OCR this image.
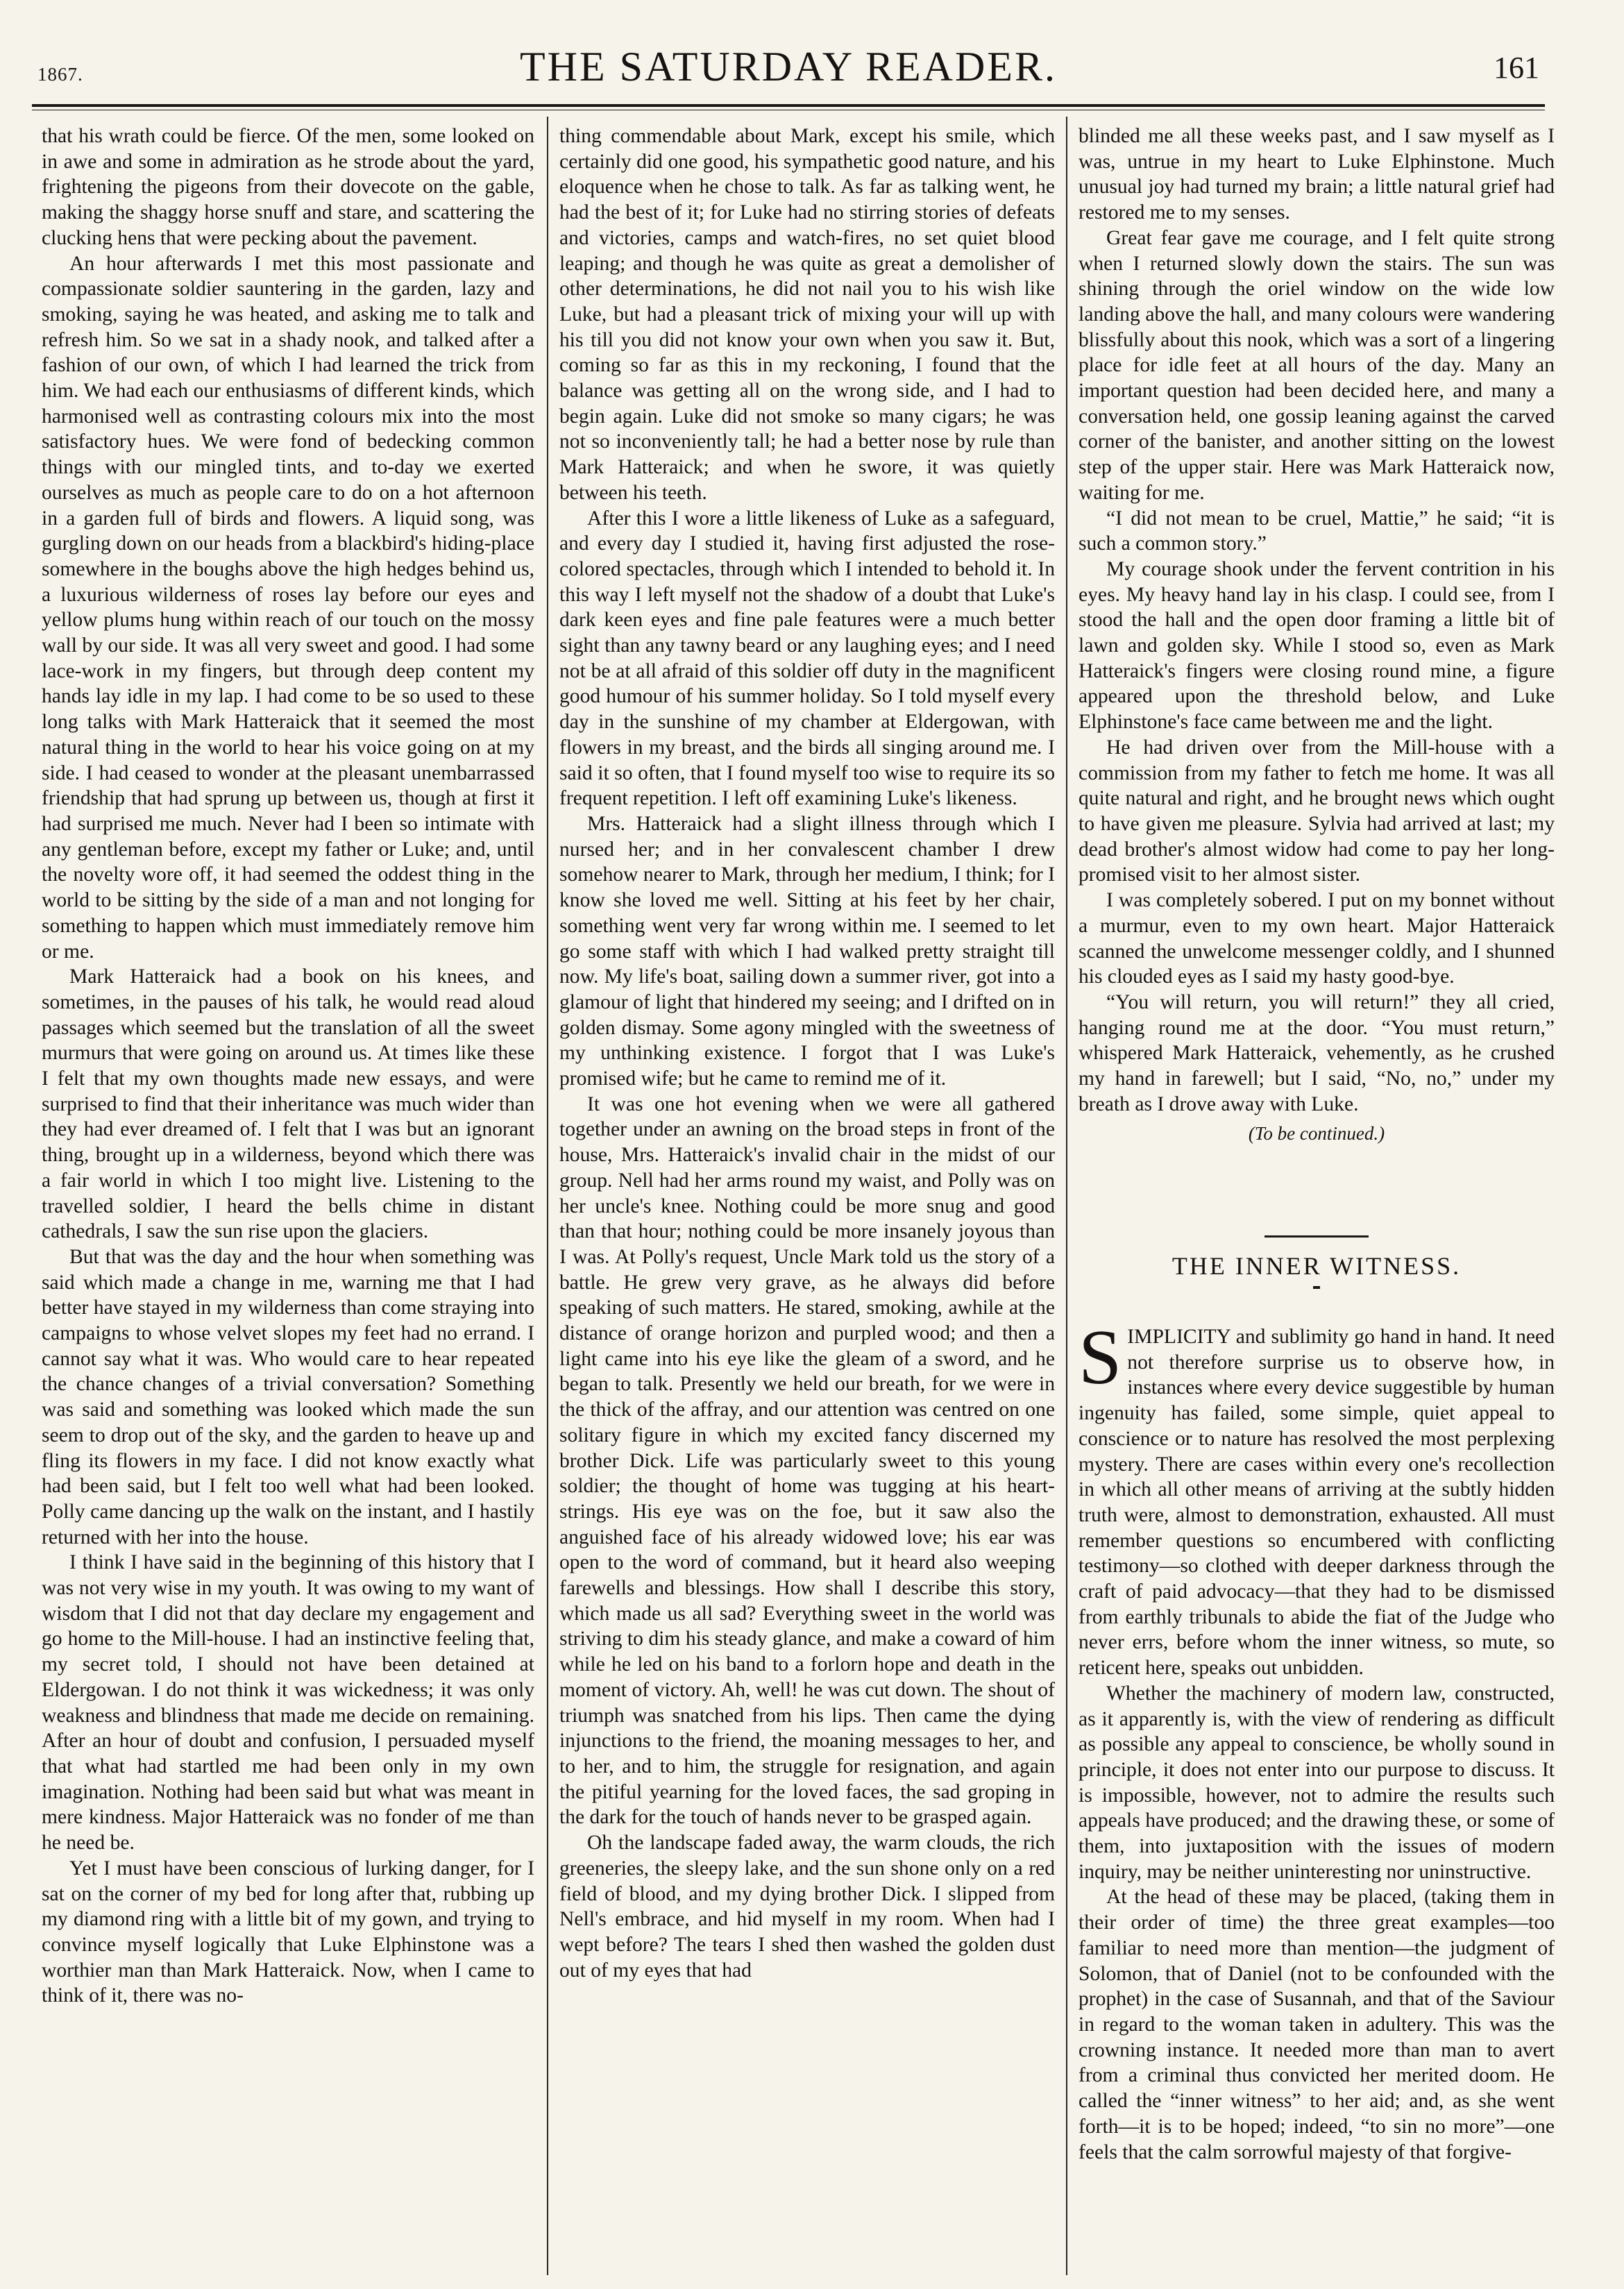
1867.	THE SATURDAY READER.	161

that his wrath could be fierce. Of the men, some looked on in awe and some in admiration as he strode about the yard, frightening the pigeons from their dovecote on the gable, making the shaggy horse snuff and stare, and scattering the clucking hens that were pecking about the pavement.

An hour afterwards I met this most passionate and compassionate soldier sauntering in the garden, lazy and smoking, saying he was heated, and asking me to talk and refresh him. So we sat in a shady nook, and talked after a fashion of our own, of which I had learned the trick from him. We had each our enthusiasms of different kinds, which harmonised well as contrasting colours mix into the most satisfactory hues. We were fond of bedecking common things with our mingled tints, and to-day we exerted ourselves as much as people care to do on a hot afternoon in a garden full of birds and flowers. A liquid song, was gurgling down on our heads from a blackbird's hiding-place somewhere in the boughs above the high hedges behind us, a luxurious wilderness of roses lay before our eyes and yellow plums hung within reach of our touch on the mossy wall by our side. It was all very sweet and good. I had some lace-work in my fingers, but through deep content my hands lay idle in my lap. I had come to be so used to these long talks with Mark Hatteraick that it seemed the most natural thing in the world to hear his voice going on at my side. I had ceased to wonder at the pleasant unembarrassed friendship that had sprung up between us, though at first it had surprised me much. Never had I been so intimate with any gentleman before, except my father or Luke; and, until the novelty wore off, it had seemed the oddest thing in the world to be sitting by the side of a man and not longing for something to happen which must immediately remove him or me.

Mark Hatteraick had a book on his knees, and sometimes, in the pauses of his talk, he would read aloud passages which seemed but the translation of all the sweet murmurs that were going on around us. At times like these I felt that my own thoughts made new essays, and were surprised to find that their inheritance was much wider than they had ever dreamed of. I felt that I was but an ignorant thing, brought up in a wilderness, beyond which there was a fair world in which I too might live. Listening to the travelled soldier, I heard the bells chime in distant cathedrals, I saw the sun rise upon the glaciers.

But that was the day and the hour when something was said which made a change in me, warning me that I had better have stayed in my wilderness than come straying into campaigns to whose velvet slopes my feet had no errand. I cannot say what it was. Who would care to hear repeated the chance changes of a trivial conversation? Something was said and something was looked which made the sun seem to drop out of the sky, and the garden to heave up and fling its flowers in my face. I did not know exactly what had been said, but I felt too well what had been looked. Polly came dancing up the walk on the instant, and I hastily returned with her into the house.

I think I have said in the beginning of this history that I was not very wise in my youth. It was owing to my want of wisdom that I did not that day declare my engagement and go home to the Mill-house. I had an instinctive feeling that, my secret told, I should not have been detained at Eldergowan. I do not think it was wickedness; it was only weakness and blindness that made me decide on remaining. After an hour of doubt and confusion, I persuaded myself that what had startled me had been only in my own imagination. Nothing had been said but what was meant in mere kindness. Major Hatteraick was no fonder of me than he need be.

Yet I must have been conscious of lurking danger, for I sat on the corner of my bed for long after that, rubbing up my diamond ring with a little bit of my gown, and trying to convince myself logically that Luke Elphinstone was a worthier man than Mark Hatteraick. Now, when I came to think of it, there was no-

thing commendable about Mark, except his smile, which certainly did one good, his sympathetic good nature, and his eloquence when he chose to talk. As far as talking went, he had the best of it; for Luke had no stirring stories of defeats and victories, camps and watch-fires, no set quiet blood leaping; and though he was quite as great a demolisher of other determinations, he did not nail you to his wish like Luke, but had a pleasant trick of mixing your will up with his till you did not know your own when you saw it. But, coming so far as this in my reckoning, I found that the balance was getting all on the wrong side, and I had to begin again. Luke did not smoke so many cigars; he was not so inconveniently tall; he had a better nose by rule than Mark Hatteraick; and when he swore, it was quietly between his teeth.

After this I wore a little likeness of Luke as a safeguard, and every day I studied it, having first adjusted the rose-colored spectacles, through which I intended to behold it. In this way I left myself not the shadow of a doubt that Luke's dark keen eyes and fine pale features were a much better sight than any tawny beard or any laughing eyes; and I need not be at all afraid of this soldier off duty in the magnificent good humour of his summer holiday. So I told myself every day in the sunshine of my chamber at Eldergowan, with flowers in my breast, and the birds all singing around me. I said it so often, that I found myself too wise to require its so frequent repetition. I left off examining Luke's likeness.

Mrs. Hatteraick had a slight illness through which I nursed her; and in her convalescent chamber I drew somehow nearer to Mark, through her medium, I think; for I know she loved me well. Sitting at his feet by her chair, something went very far wrong within me. I seemed to let go some staff with which I had walked pretty straight till now. My life's boat, sailing down a summer river, got into a glamour of light that hindered my seeing; and I drifted on in golden dismay. Some agony mingled with the sweetness of my unthinking existence. I forgot that I was Luke's promised wife; but he came to remind me of it.

It was one hot evening when we were all gathered together under an awning on the broad steps in front of the house, Mrs. Hatteraick's invalid chair in the midst of our group. Nell had her arms round my waist, and Polly was on her uncle's knee. Nothing could be more snug and good than that hour; nothing could be more insanely joyous than I was. At Polly's request, Uncle Mark told us the story of a battle. He grew very grave, as he always did before speaking of such matters. He stared, smoking, awhile at the distance of orange horizon and purpled wood; and then a light came into his eye like the gleam of a sword, and he began to talk. Presently we held our breath, for we were in the thick of the affray, and our attention was centred on one solitary figure in which my excited fancy discerned my brother Dick. Life was particularly sweet to this young soldier; the thought of home was tugging at his heart-strings. His eye was on the foe, but it saw also the anguished face of his already widowed love; his ear was open to the word of command, but it heard also weeping farewells and blessings. How shall I describe this story, which made us all sad? Everything sweet in the world was striving to dim his steady glance, and make a coward of him while he led on his band to a forlorn hope and death in the moment of victory. Ah, well! he was cut down. The shout of triumph was snatched from his lips. Then came the dying injunctions to the friend, the moaning messages to her, and to her, and to him, the struggle for resignation, and again the pitiful yearning for the loved faces, the sad groping in the dark for the touch of hands never to be grasped again.

Oh the landscape faded away, the warm clouds, the rich greeneries, the sleepy lake, and the sun shone only on a red field of blood, and my dying brother Dick. I slipped from Nell's embrace, and hid myself in my room. When had I wept before? The tears I shed then washed the golden dust out of my eyes that had

blinded me all these weeks past, and I saw myself as I was, untrue in my heart to Luke Elphinstone. Much unusual joy had turned my brain; a little natural grief had restored me to my senses.

Great fear gave me courage, and I felt quite strong when I returned slowly down the stairs. The sun was shining through the oriel window on the wide low landing above the hall, and many colours were wandering blissfully about this nook, which was a sort of a lingering place for idle feet at all hours of the day. Many an important question had been decided here, and many a conversation held, one gossip leaning against the carved corner of the banister, and another sitting on the lowest step of the upper stair. Here was Mark Hatteraick now, waiting for me.

“I did not mean to be cruel, Mattie,” he said; “it is such a common story.”

My courage shook under the fervent contrition in his eyes. My heavy hand lay in his clasp. I could see, from I stood the hall and the open door framing a little bit of lawn and golden sky. While I stood so, even as Mark Hatteraick's fingers were closing round mine, a figure appeared upon the threshold below, and Luke Elphinstone's face came between me and the light.

He had driven over from the Mill-house with a commission from my father to fetch me home. It was all quite natural and right, and he brought news which ought to have given me pleasure. Sylvia had arrived at last; my dead brother's almost widow had come to pay her long-promised visit to her almost sister.

I was completely sobered. I put on my bonnet without a murmur, even to my own heart. Major Hatteraick scanned the unwelcome messenger coldly, and I shunned his clouded eyes as I said my hasty good-bye.

“You will return, you will return!” they all cried, hanging round me at the door. “You must return,” whispered Mark Hatteraick, vehemently, as he crushed my hand in farewell; but I said, “No, no,” under my breath as I drove away with Luke.

(To be continued.)
THE INNER WITNESS.

SIMPLICITY and sublimity go hand in hand. It need not therefore surprise us to observe how, in instances where every device suggestible by human ingenuity has failed, some simple, quiet appeal to conscience or to nature has resolved the most perplexing mystery. There are cases within every one's recollection in which all other means of arriving at the subtly hidden truth were, almost to demonstration, exhausted. All must remember questions so encumbered with conflicting testimony—so clothed with deeper darkness through the craft of paid advocacy—that they had to be dismissed from earthly tribunals to abide the fiat of the Judge who never errs, before whom the inner witness, so mute, so reticent here, speaks out unbidden.

Whether the machinery of modern law, constructed, as it apparently is, with the view of rendering as difficult as possible any appeal to conscience, be wholly sound in principle, it does not enter into our purpose to discuss. It is impossible, however, not to admire the results such appeals have produced; and the drawing these, or some of them, into juxtaposition with the issues of modern inquiry, may be neither uninteresting nor uninstructive.

At the head of these may be placed, (taking them in their order of time) the three great examples—too familiar to need more than mention—the judgment of Solomon, that of Daniel (not to be confounded with the prophet) in the case of Susannah, and that of the Saviour in regard to the woman taken in adultery. This was the crowning instance. It needed more than man to avert from a criminal thus convicted her merited doom. He called the “inner witness” to her aid; and, as she went forth—it is to be hoped; indeed, “to sin no more”—one feels that the calm sorrowful majesty of that forgive-
